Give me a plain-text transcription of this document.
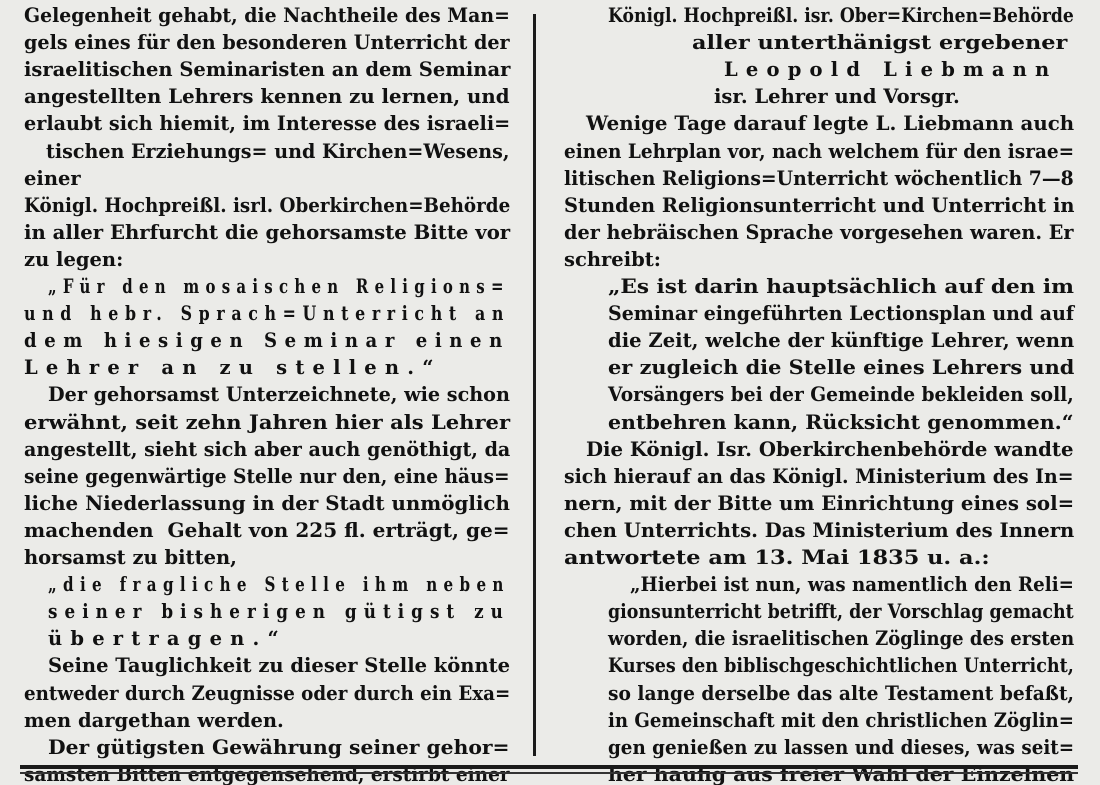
Gelegenheit gehabt, die Nachtheile des Man=
gels eines für den besonderen Unterricht der
israelitischen Seminaristen an dem Seminar
angestellten Lehrers kennen zu lernen, und
erlaubt sich hiemit, im Interesse des israeli=
tischen Erziehungs= und Kirchen=Wesens,
einer
Königl. Hochpreißl. isrl. Oberkirchen=Behörde
in aller Ehrfurcht die gehorsamste Bitte vor
zu legen:
„Für den mosaischen Religions=
und hebr. Sprach=Unterricht an
dem hiesigen Seminar einen
Lehrer an zu stellen.“
Der gehorsamst Unterzeichnete, wie schon
erwähnt, seit zehn Jahren hier als Lehrer
angestellt, sieht sich aber auch genöthigt, da
seine gegenwärtige Stelle nur den, eine häus=
liche Niederlassung in der Stadt unmöglich
machenden  Gehalt von 225 fl. erträgt, ge=
horsamst zu bitten,
„die fragliche Stelle ihm neben
seiner bisherigen gütigst zu
übertragen.“
Seine Tauglichkeit zu dieser Stelle könnte
entweder durch Zeugnisse oder durch ein Exa=
men dargethan werden.
Der gütigsten Gewährung seiner gehor=
Königl. Hochpreißl. isr. Ober=Kirchen=Behörde
aller unterthänigst ergebener
Leopold Liebmann
isr. Lehrer und Vorsgr.
Wenige Tage darauf legte L. Liebmann auch
einen Lehrplan vor, nach welchem für den israe=
litischen Religions=Unterricht wöchentlich 7—8
Stunden Religionsunterricht und Unterricht in
der hebräischen Sprache vorgesehen waren. Er
schreibt:
„Es ist darin hauptsächlich auf den im
Seminar eingeführten Lectionsplan und auf
die Zeit, welche der künftige Lehrer, wenn
er zugleich die Stelle eines Lehrers und
Vorsängers bei der Gemeinde bekleiden soll,
entbehren kann, Rücksicht genommen.“
Die Königl. Isr. Oberkirchenbehörde wandte
sich hierauf an das Königl. Ministerium des In=
nern, mit der Bitte um Einrichtung eines sol=
chen Unterrichts. Das Ministerium des Innern
antwortete am 13. Mai 1835 u. a.:
„Hierbei ist nun, was namentlich den Reli=
gionsunterricht betrifft, der Vorschlag gemacht
worden, die israelitischen Zöglinge des ersten
Kurses den biblischgeschichtlichen Unterricht,
so lange derselbe das alte Testament befaßt,
in Gemeinschaft mit den christlichen Zöglin=
gen genießen zu lassen und dieses, was seit=
